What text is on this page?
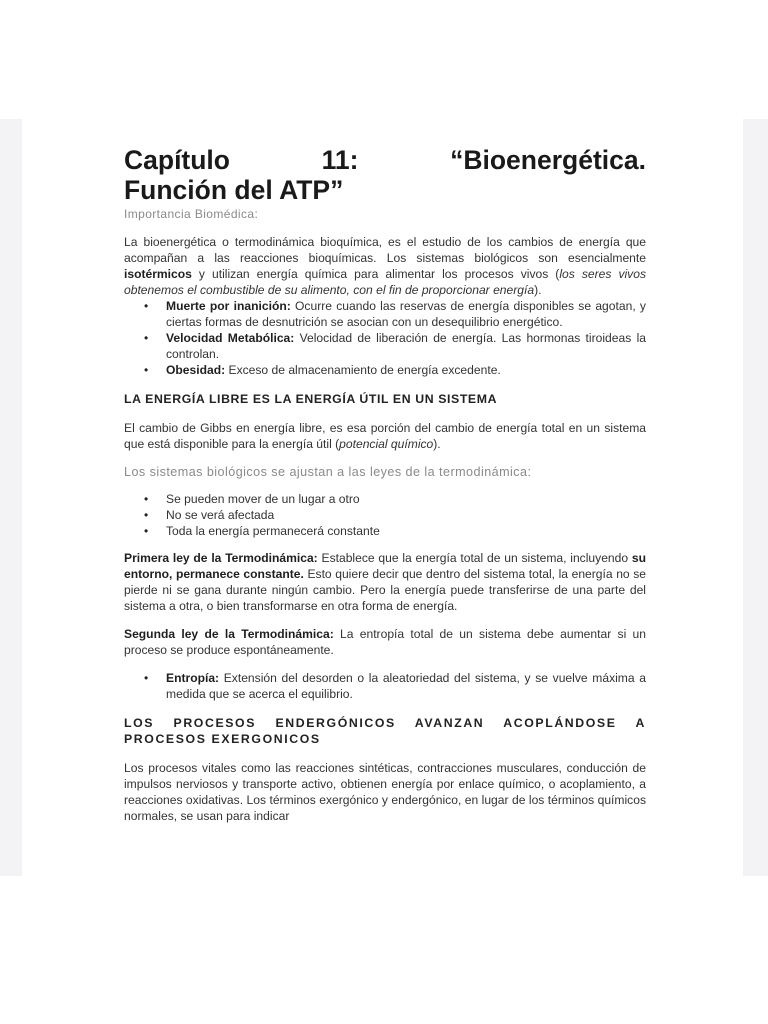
Capítulo	11:	“Bioenergética.
Función del ATP”

Importancia Biomédica:

La bioenergética o termodinámica bioquímica, es el estudio de los cambios de energía que acompañan a las reacciones bioquímicas. Los sistemas biológicos son esencialmente isotérmicos y utilizan energía química para alimentar los procesos vivos (los seres vivos obtenemos el combustible de su alimento, con el fin de proporcionar energía).

• Muerte por inanición: Ocurre cuando las reservas de energía disponibles se agotan, y ciertas formas de desnutrición se asocian con un desequilibrio energético.
• Velocidad Metabólica: Velocidad de liberación de energía. Las hormonas tiroideas la controlan.
• Obesidad: Exceso de almacenamiento de energía excedente.
LA ENERGÍA LIBRE ES LA ENERGÍA ÚTIL EN UN SISTEMA

El cambio de Gibbs en energía libre, es esa porción del cambio de energía total en un sistema que está disponible para la energía útil (potencial químico).

Los sistemas biológicos se ajustan a las leyes de la termodinámica:

• Se pueden mover de un lugar a otro
• No se verá afectada
• Toda la energía permanecerá constante

Primera ley de la Termodinámica: Establece que la energía total de un sistema, incluyendo su entorno, permanece constante. Esto quiere decir que dentro del sistema total, la energía no se pierde ni se gana durante ningún cambio. Pero la energía puede transferirse de una parte del sistema a otra, o bien transformarse en otra forma de energía.

Segunda ley de la Termodinámica: La entropía total de un sistema debe aumentar si un proceso se produce espontáneamente.

• Entropía: Extensión del desorden o la aleatoriedad del sistema, y se vuelve máxima a medida que se acerca el equilibrio.
LOS PROCESOS ENDERGÓNICOS AVANZAN ACOPLÁNDOSE A PROCESOS EXERGONICOS

Los procesos vitales como las reacciones sintéticas, contracciones musculares, conducción de impulsos nerviosos y transporte activo, obtienen energía por enlace químico, o acoplamiento, a reacciones oxidativas. Los términos exergónico y endergónico, en lugar de los términos químicos normales, se usan para indicar
